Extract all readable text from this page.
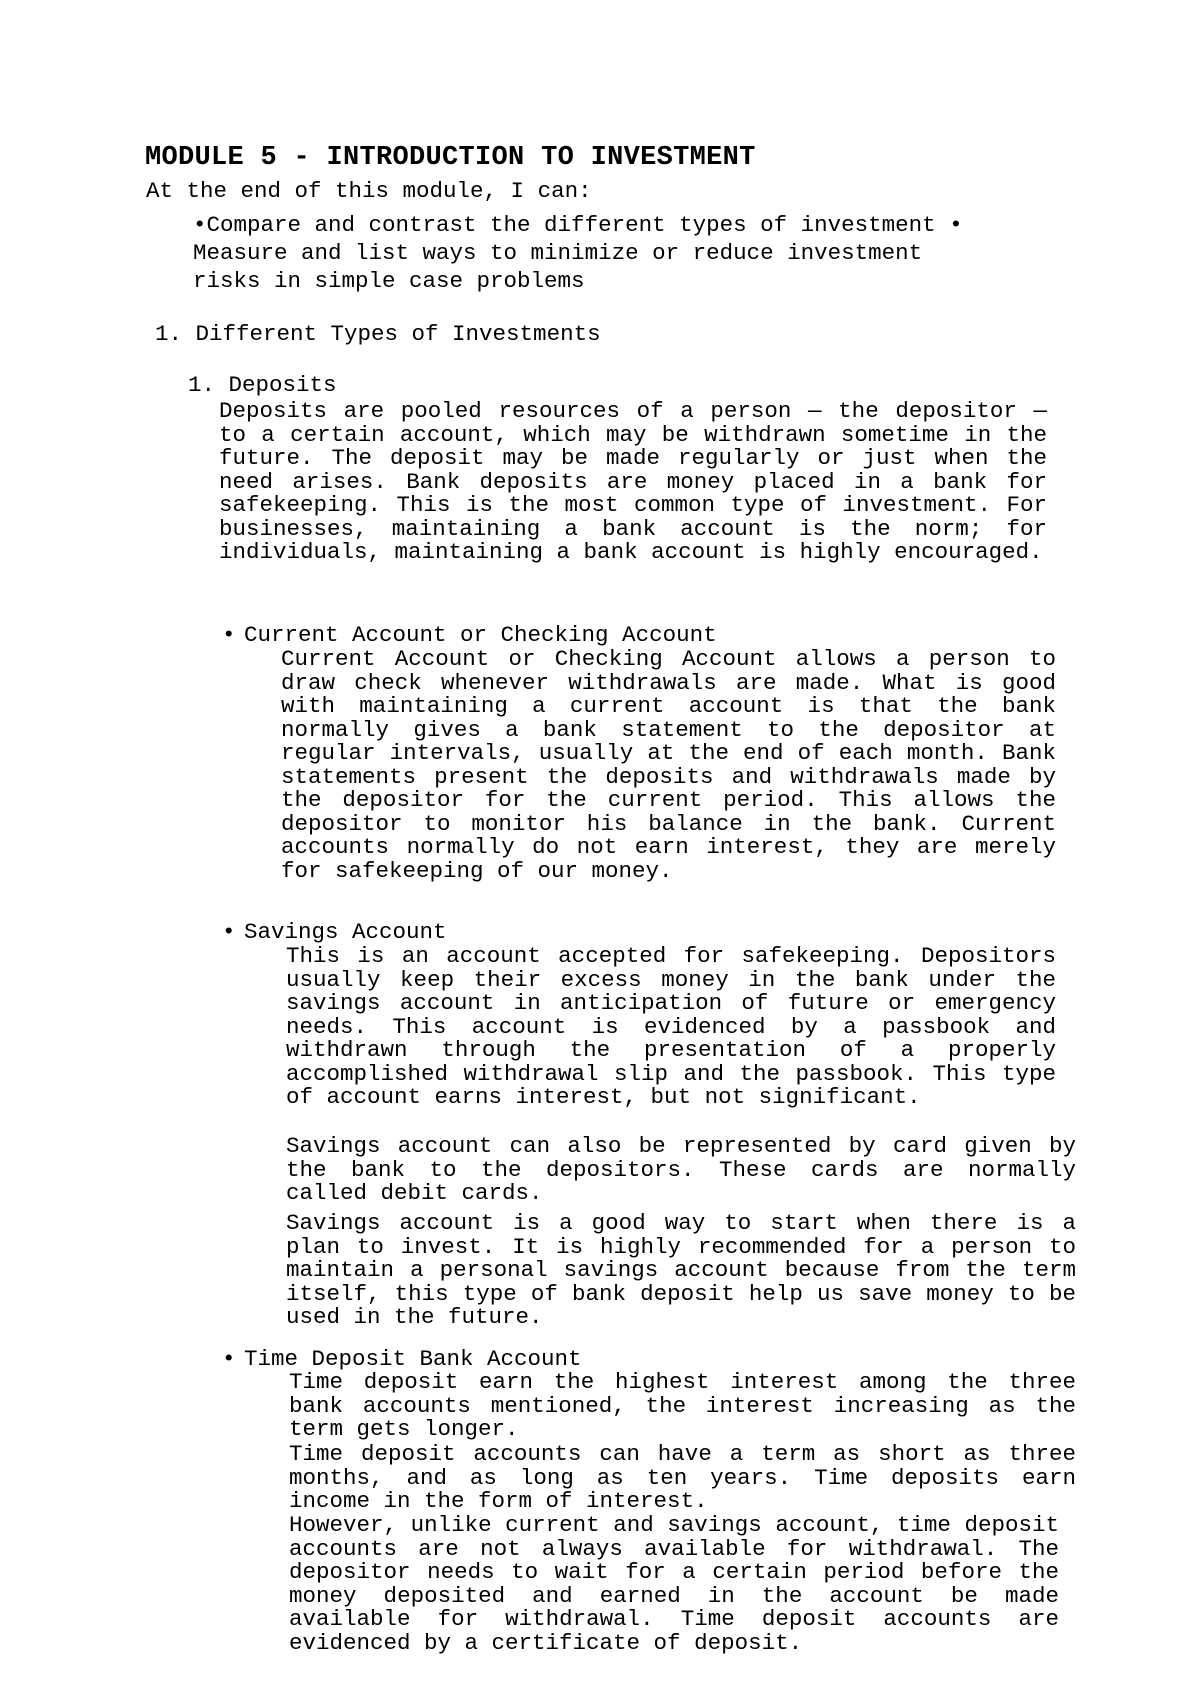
MODULE 5 - INTRODUCTION TO INVESTMENT
At the end of this module, I can:
•Compare and contrast the different types of investment •
Measure and list ways to minimize or reduce investment
risks in simple case problems
1. Different Types of Investments
1. Deposits
Deposits are pooled resources of a person — the depositor — to a certain account, which may be withdrawn sometime in the future. The deposit may be made regularly or just when the need arises. Bank deposits are money placed in a bank for safekeeping. This is the most common type of investment. For businesses, maintaining a bank account is the norm; for individuals, maintaining a bank account is highly encouraged.
• Current Account or Checking Account
Current Account or Checking Account allows a person to draw check whenever withdrawals are made. What is good with maintaining a current account is that the bank normally gives a bank statement to the depositor at regular intervals, usually at the end of each month. Bank statements present the deposits and withdrawals made by the depositor for the current period. This allows the depositor to monitor his balance in the bank. Current accounts normally do not earn interest, they are merely for safekeeping of our money.
• Savings Account
This is an account accepted for safekeeping. Depositors usually keep their excess money in the bank under the savings account in anticipation of future or emergency needs. This account is evidenced by a passbook and withdrawn through the presentation of a properly accomplished withdrawal slip and the passbook. This type of account earns interest, but not significant.
Savings account can also be represented by card given by the bank to the depositors. These cards are normally called debit cards.
Savings account is a good way to start when there is a plan to invest. It is highly recommended for a person to maintain a personal savings account because from the term itself, this type of bank deposit help us save money to be used in the future.
• Time Deposit Bank Account
Time deposit earn the highest interest among the three bank accounts mentioned, the interest increasing as the term gets longer.
Time deposit accounts can have a term as short as three months, and as long as ten years. Time deposits earn income in the form of interest.
However, unlike current and savings account, time deposit accounts are not always available for withdrawal. The depositor needs to wait for a certain period before the money deposited and earned in the account be made available for withdrawal. Time deposit accounts are evidenced by a certificate of deposit.
